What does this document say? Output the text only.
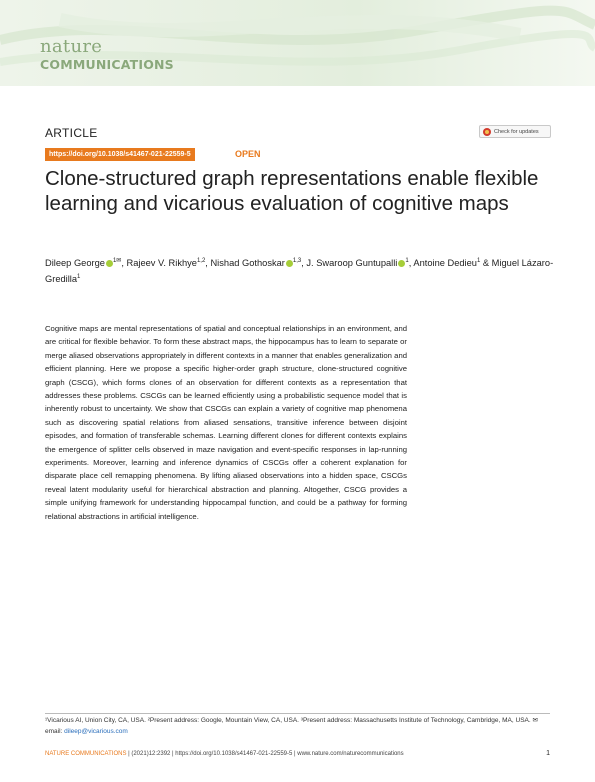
nature
COMMUNICATIONS
ARTICLE	Check for updates
https://doi.org/10.1038/s41467-021-22559-5	OPEN
Clone-structured graph representations enable flexible learning and vicarious evaluation of cognitive maps
Dileep George $^{1✉}$, Rajeev V. Rikhye$^{1,2}$, Nishad Gothoskar $^{1,3}$, J. Swaroop Guntupalli $^1$, Antoine Dedieu$^1$ & Miguel Lázaro-Gredilla$^1$
Cognitive maps are mental representations of spatial and conceptual relationships in an environment, and are critical for flexible behavior. To form these abstract maps, the hippocampus has to learn to separate or merge aliased observations appropriately in different contexts in a manner that enables generalization and efficient planning. Here we propose a specific higher-order graph structure, clone-structured cognitive graph (CSCG), which forms clones of an observation for different contexts as a representation that addresses these problems. CSCGs can be learned efficiently using a probabilistic sequence model that is inherently robust to uncertainty. We show that CSCGs can explain a variety of cognitive map phenomena such as discovering spatial relations from aliased sensations, transitive inference between disjoint episodes, and formation of transferable schemas. Learning different clones for different contexts explains the emergence of splitter cells observed in maze navigation and event-specific responses in lap-running experiments. Moreover, learning and inference dynamics of CSCGs offer a coherent explanation for disparate place cell remapping phenomena. By lifting aliased observations into a hidden space, CSCGs reveal latent modularity useful for hierarchical abstraction and planning. Altogether, CSCG provides a simple unifying framework for understanding hippocampal function, and could be a pathway for forming relational abstractions in artificial intelligence.
¹Vicarious AI, Union City, CA, USA. ²Present address: Google, Mountain View, CA, USA. ³Present address: Massachusetts Institute of Technology, Cambridge, MA, USA. ✉email: dileep@vicarious.com
NATURE COMMUNICATIONS | (2021)12:2392 | https://doi.org/10.1038/s41467-021-22559-5 | www.nature.com/naturecommunications	1
